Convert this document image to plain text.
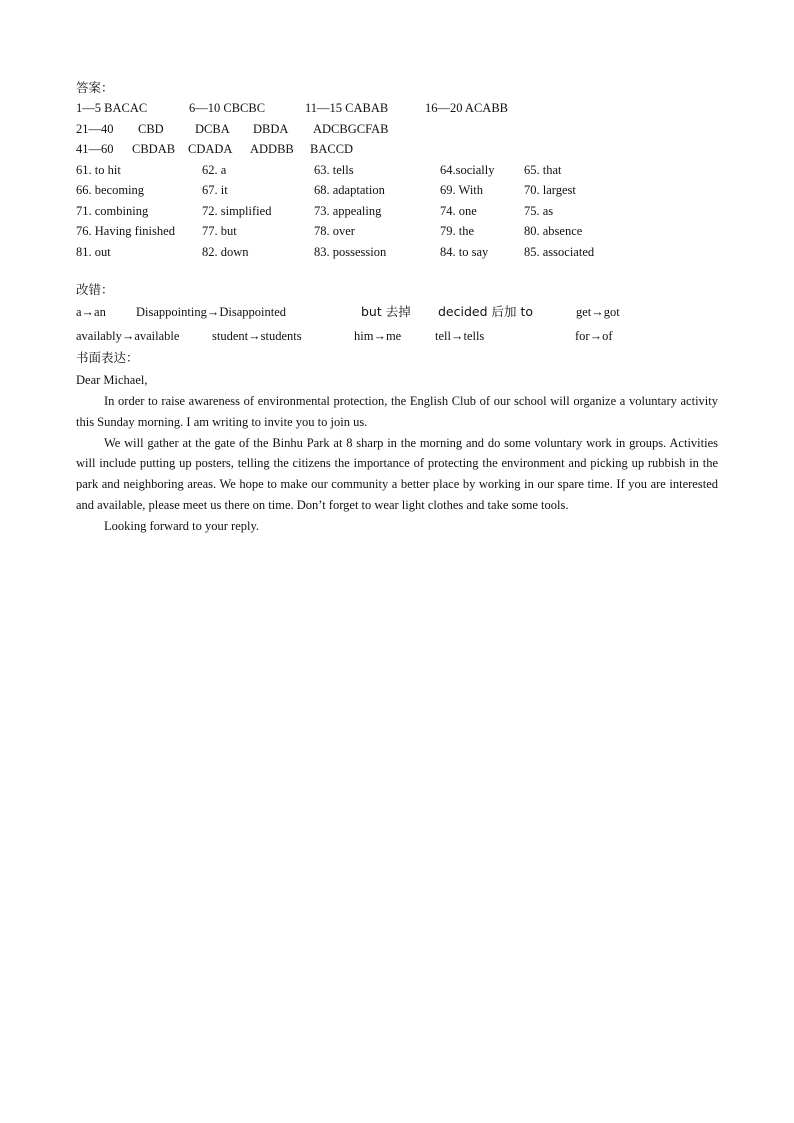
答案：
1—5 BACAC	6—10 CBCBC	11—15 CABAB	16—20 ACABB
21—40	CBD	DCBA	DBDA	ADCB GCFAB
41—60	CBDAB	CDADA	ADDBB	BACCD
61. to hit	62. a	63. tells	64.socially	65. that
66. becoming	67. it	68. adaptation	69. With	70. largest
71. combining	72. simplified	73. appealing	74. one	75. as
76. Having finished	77. but	78. over	79. the	80. absence
81. out	82. down	83. possession	84. to say	85. associated
改错：
a→an Disappointing→Disappointed	but 去掉 decided 后加 to	get→got
availably→available	student→students	him→me	tell→tells	for→of
书面表达：
Dear Michael,

In order to raise awareness of environmental protection, the English Club of our school will organize a voluntary activity this Sunday morning. I am writing to invite you to join us.

We will gather at the gate of the Binhu Park at 8 sharp in the morning and do some voluntary work in groups. Activities will include putting up posters, telling the citizens the importance of protecting the environment and picking up rubbish in the park and neighboring areas. We hope to make our community a better place by working in our spare time. If you are interested and available, please meet us there on time. Don’t forget to wear light clothes and take some tools.

Looking forward to your reply.
